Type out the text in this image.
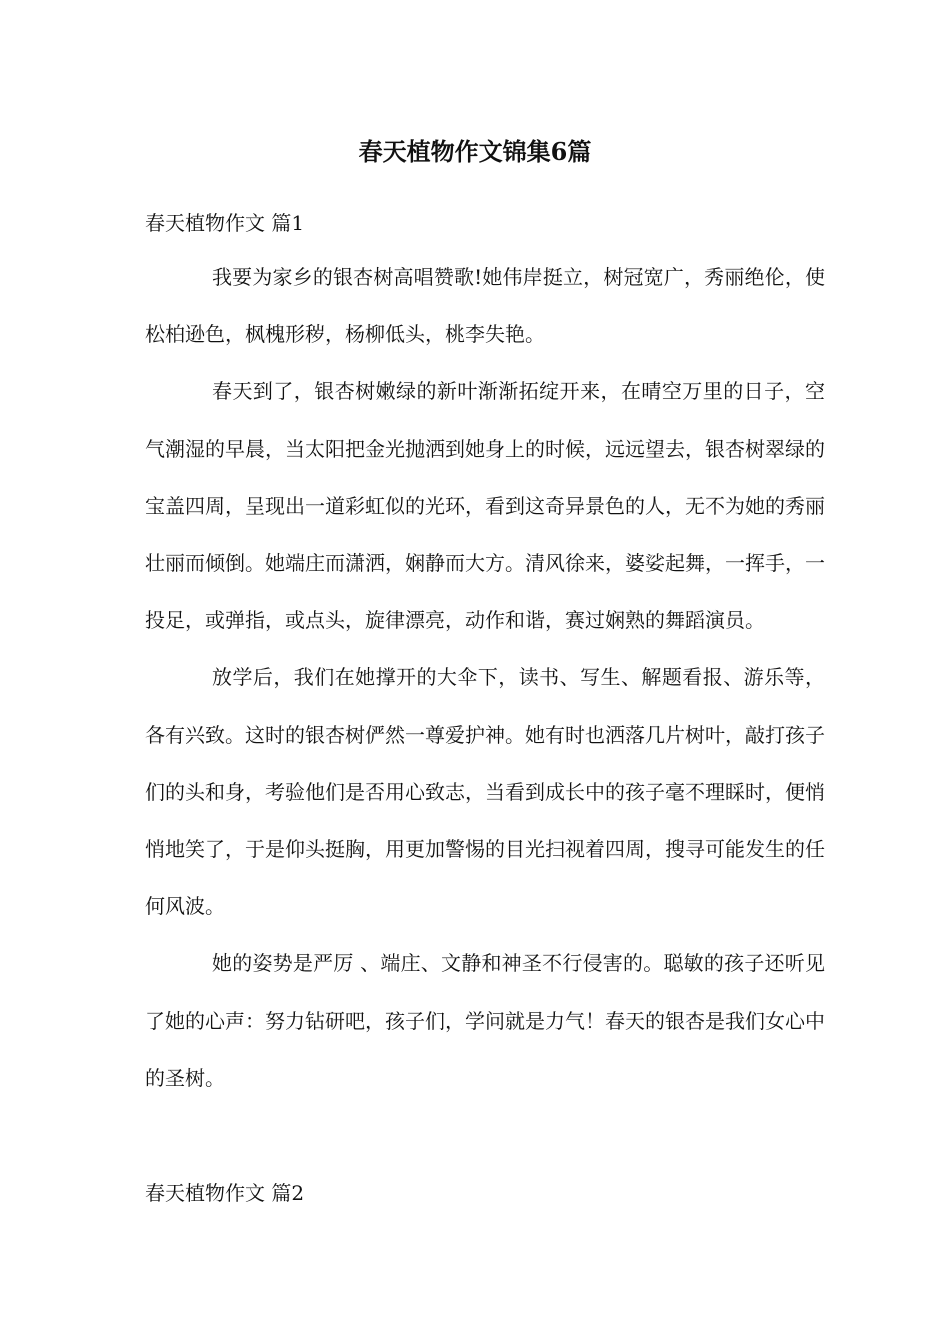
春天植物作文锦集6篇
春天植物作文 篇1

我要为家乡的银杏树高唱赞歌!她伟岸挺立，树冠宽广，秀丽绝伦，使松柏逊色，枫槐形秽，杨柳低头，桃李失艳。

春天到了，银杏树嫩绿的新叶渐渐拓绽开来，在晴空万里的日子，空气潮湿的早晨，当太阳把金光抛洒到她身上的时候，远远望去，银杏树翠绿的宝盖四周，呈现出一道彩虹似的光环，看到这奇异景色的人，无不为她的秀丽壮丽而倾倒。她端庄而潇洒，娴静而大方。清风徐来，婆娑起舞，一挥手，一投足，或弹指，或点头，旋律漂亮，动作和谐，赛过娴熟的舞蹈演员。

放学后，我们在她撑开的大伞下，读书、写生、解题看报、游乐等，各有兴致。这时的银杏树俨然一尊爱护神。她有时也洒落几片树叶，敲打孩子们的头和身，考验他们是否用心致志，当看到成长中的孩子毫不理睬时，便悄悄地笑了，于是仰头挺胸，用更加警惕的目光扫视着四周，搜寻可能发生的任何风波。

她的姿势是严厉 、端庄、文静和神圣不行侵害的。聪敏的孩子还听见了她的心声：努力钻研吧，孩子们，学问就是力气！春天的银杏是我们女心中的圣树。

春天植物作文 篇2
